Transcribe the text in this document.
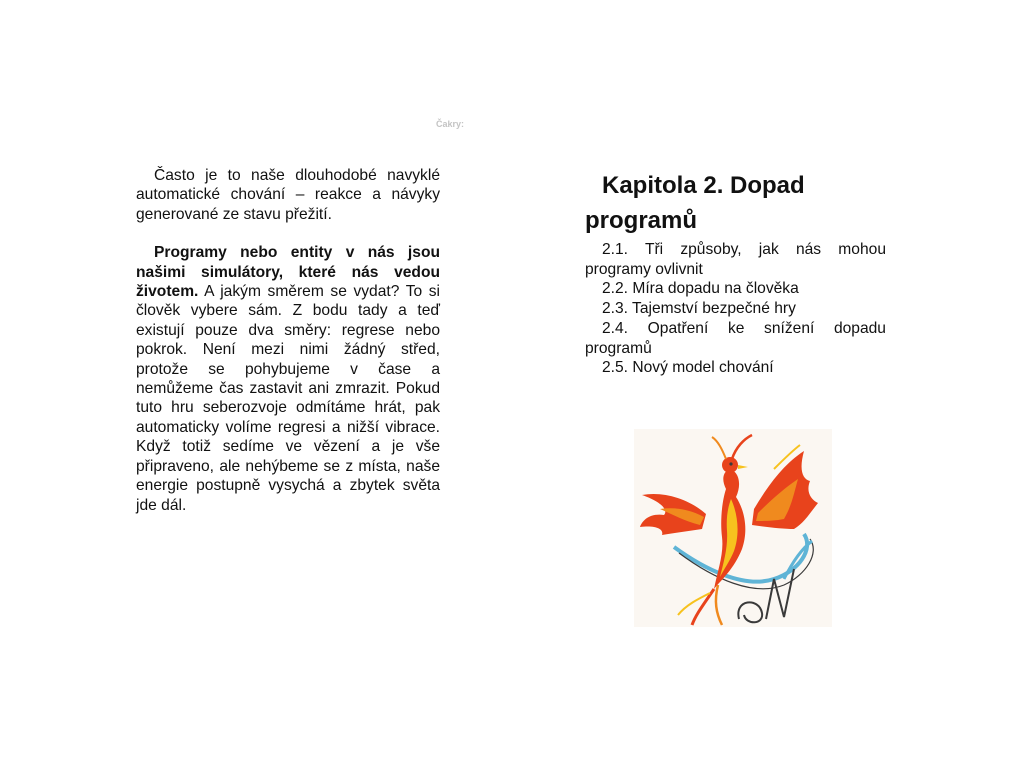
Čakry:

Často je to naše dlouhodobé navyklé automatické chování – reakce a návyky generované ze stavu přežití.

Programy nebo entity v nás jsou našimi simulátory, které nás vedou životem. A jakým směrem se vydat? To si člověk vybere sám. Z bodu tady a teď existují pouze dva směry: regrese nebo pokrok. Není mezi nimi žádný střed, protože se pohybujeme v čase a nemůžeme čas zastavit ani zmrazit. Pokud tuto hru seberozvoje odmítáme hrát, pak automaticky volíme regresi a nižší vibrace. Když totiž sedíme ve vězení a je vše připraveno, ale nehýbeme se z místa, naše energie postupně vysychá a zbytek světa jde dál.

Kapitola 2. Dopad programů
2.1. Tři způsoby, jak nás mohou programy ovlivnit
2.2. Míra dopadu na člověka
2.3. Tajemství bezpečné hry
2.4. Opatření ke snížení dopadu programů
2.5. Nový model chování
